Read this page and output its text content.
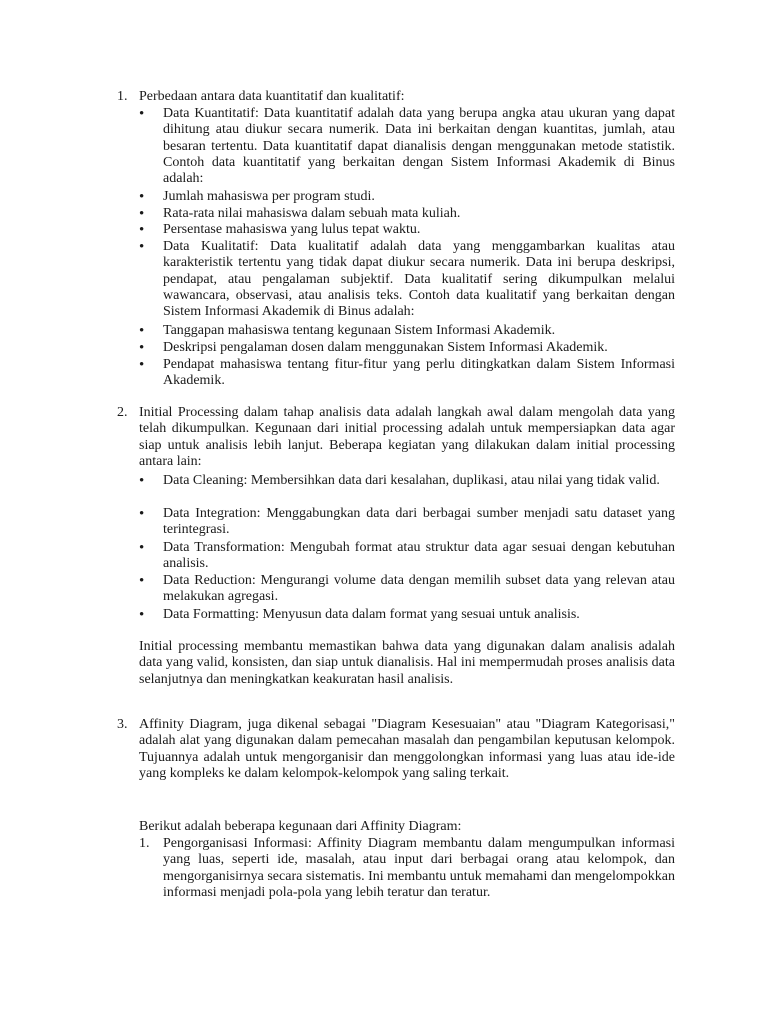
1. Perbedaan antara data kuantitatif dan kualitatif:

•

Data Kuantitatif: Data kuantitatif adalah data yang berupa angka atau ukuran yang dapat dihitung atau diukur secara numerik. Data ini berkaitan dengan kuantitas, jumlah, atau besaran tertentu. Data kuantitatif dapat dianalisis dengan menggunakan metode statistik. Contoh data kuantitatif yang berkaitan dengan Sistem Informasi Akademik di Binus adalah:

•

Jumlah mahasiswa per program studi.

•

Rata-rata nilai mahasiswa dalam sebuah mata kuliah.

•

Persentase mahasiswa yang lulus tepat waktu.

•

Data Kualitatif: Data kualitatif adalah data yang menggambarkan kualitas atau karakteristik tertentu yang tidak dapat diukur secara numerik. Data ini berupa deskripsi, pendapat, atau pengalaman subjektif. Data kualitatif sering dikumpulkan melalui wawancara, observasi, atau analisis teks. Contoh data kualitatif yang berkaitan dengan Sistem Informasi Akademik di Binus adalah:

•

Tanggapan mahasiswa tentang kegunaan Sistem Informasi Akademik.

•

Deskripsi pengalaman dosen dalam menggunakan Sistem Informasi Akademik.

•

Pendapat mahasiswa tentang fitur-fitur yang perlu ditingkatkan dalam Sistem Informasi Akademik.

2. Initial Processing dalam tahap analisis data adalah langkah awal dalam mengolah data yang telah dikumpulkan. Kegunaan dari initial processing adalah untuk mempersiapkan data agar siap untuk analisis lebih lanjut. Beberapa kegiatan yang dilakukan dalam initial processing antara lain:

•

Data Cleaning: Membersihkan data dari kesalahan, duplikasi, atau nilai yang tidak valid.

•

Data Integration: Menggabungkan data dari berbagai sumber menjadi satu dataset yang terintegrasi.

•

Data Transformation: Mengubah format atau struktur data agar sesuai dengan kebutuhan analisis.

•

Data Reduction: Mengurangi volume data dengan memilih subset data yang relevan atau melakukan agregasi.

•

Data Formatting: Menyusun data dalam format yang sesuai untuk analisis.

Initial processing membantu memastikan bahwa data yang digunakan dalam analisis adalah data yang valid, konsisten, dan siap untuk dianalisis. Hal ini mempermudah proses analisis data selanjutnya dan meningkatkan keakuratan hasil analisis.

3. Affinity Diagram, juga dikenal sebagai "Diagram Kesesuaian" atau "Diagram Kategorisasi," adalah alat yang digunakan dalam pemecahan masalah dan pengambilan keputusan kelompok. Tujuannya adalah untuk mengorganisir dan menggolongkan informasi yang luas atau ide-ide yang kompleks ke dalam kelompok-kelompok yang saling terkait.

Berikut adalah beberapa kegunaan dari Affinity Diagram:

1. Pengorganisasi Informasi: Affinity Diagram membantu dalam mengumpulkan informasi yang luas, seperti ide, masalah, atau input dari berbagai orang atau kelompok, dan mengorganisirnya secara sistematis. Ini membantu untuk memahami dan mengelompokkan informasi menjadi pola-pola yang lebih teratur dan teratur.
